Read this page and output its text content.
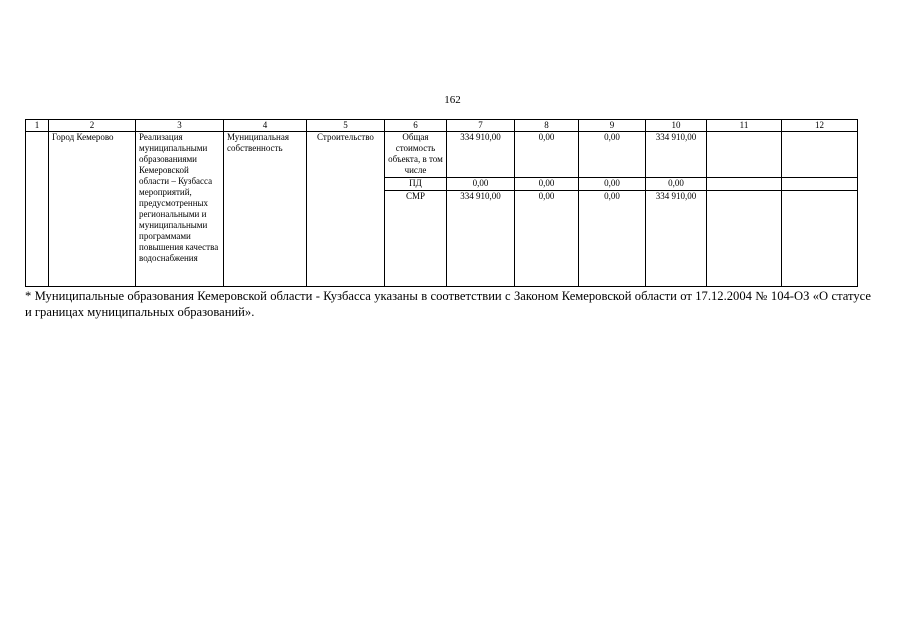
162
1	2	3	4	5	6	7	8	9	10	11	12
	Город Кемерово	Реализация муниципальными образованиями Кемеровской области – Кузбасса мероприятий, предусмотренных региональными и муниципальными программами повышения качества водоснабжения	Муниципальная собственность	Строительство	Общая стоимость объекта, в том числе	334 910,00	0,00	0,00	334 910,00		
					ПД	0,00	0,00	0,00	0,00		
					СМР	334 910,00	0,00	0,00	334 910,00		
* Муниципальные образования Кемеровской области - Кузбасса указаны в соответствии с Законом Кемеровской области от 17.12.2004 № 104-ОЗ «О статусе и границах муниципальных образований».
